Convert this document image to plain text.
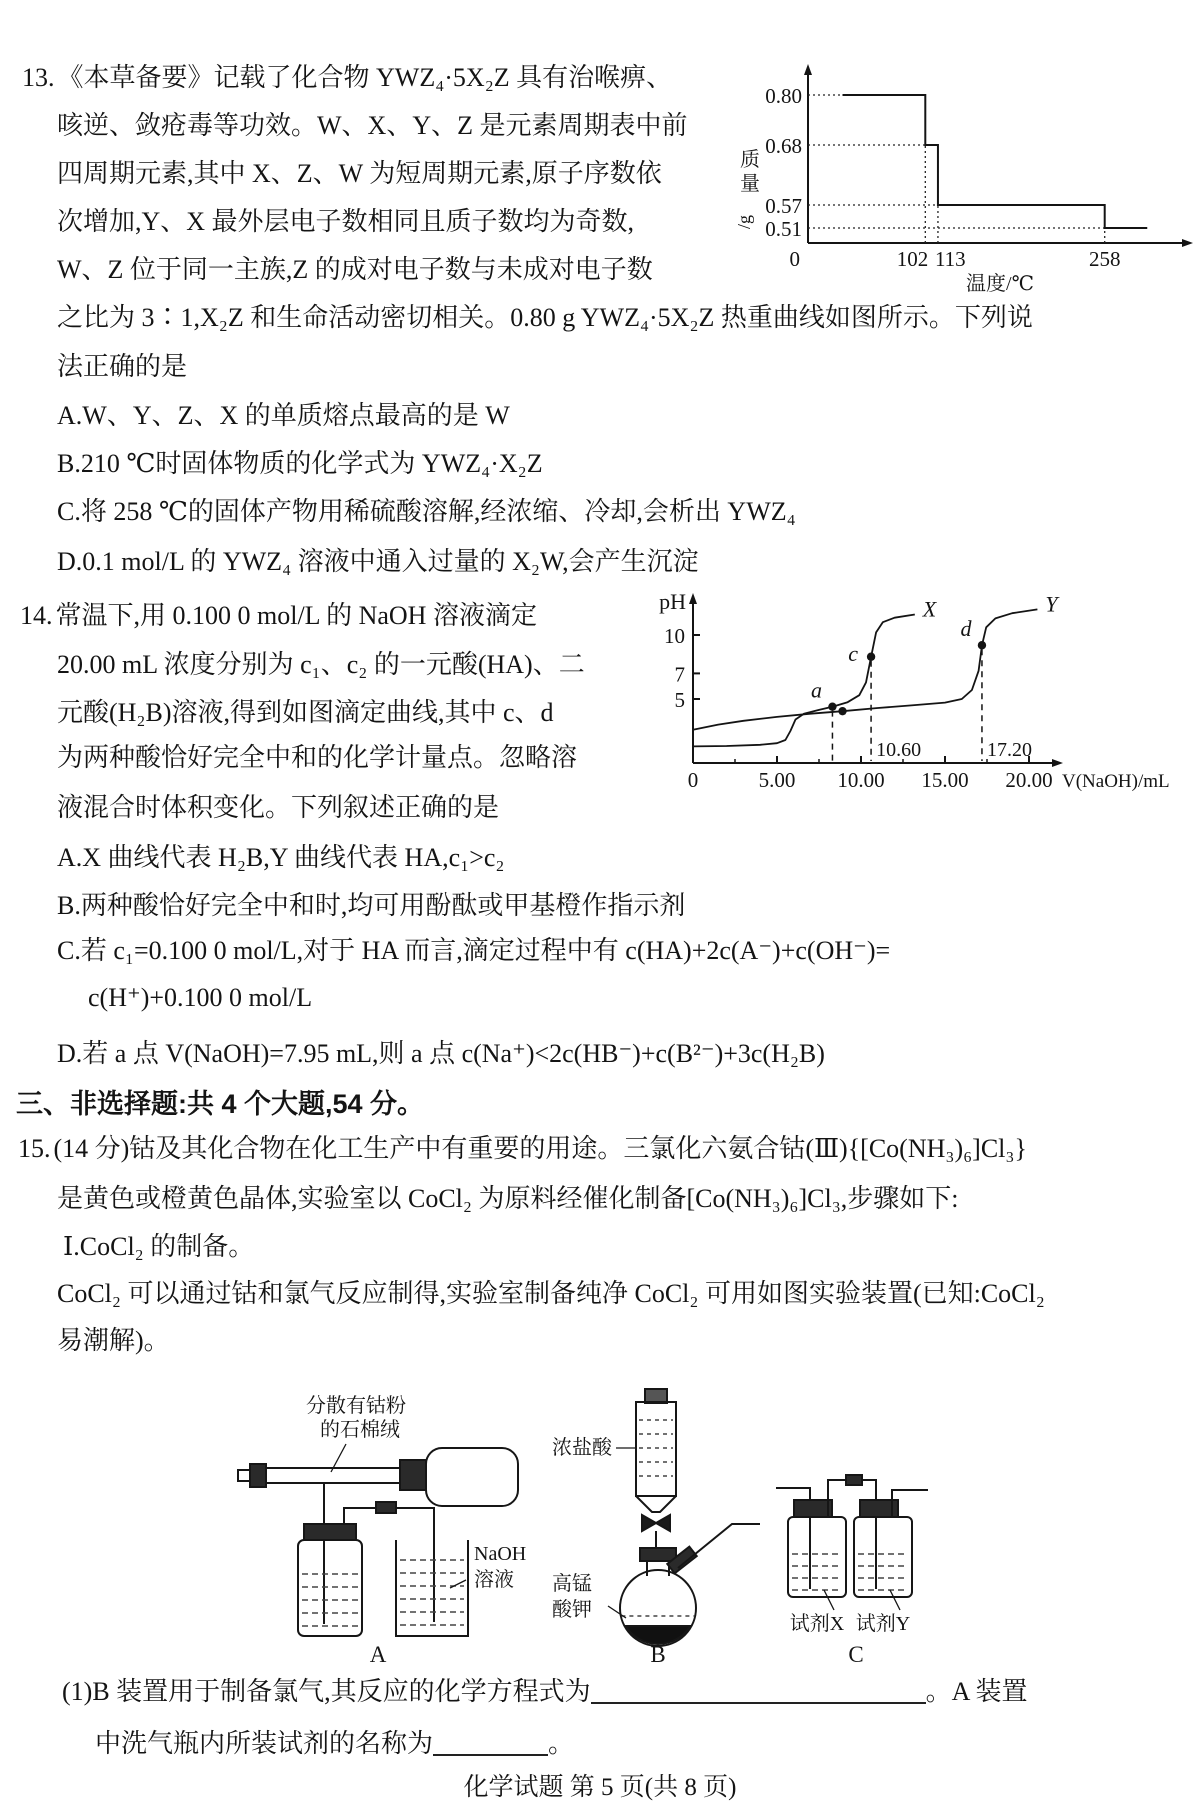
13. 《本草备要》记载了化合物 YWZ₄·5X₂Z 具有治喉痹、
咳逆、敛疮毒等功效。W、X、Y、Z 是元素周期表中前
四周期元素,其中 X、Z、W 为短周期元素,原子序数依
次增加,Y、X 最外层电子数相同且质子数均为奇数,
W、Z 位于同一主族,Z 的成对电子数与未成对电子数
之比为 3∶1,X₂Z 和生命活动密切相关。0.80 g YWZ₄·5X₂Z 热重曲线如图所示。下列说
法正确的是
A.W、Y、Z、X 的单质熔点最高的是 W
B.210 ℃时固体物质的化学式为 YWZ₄·X₂Z
C.将 258 ℃的固体产物用稀硫酸溶解,经浓缩、冷却,会析出 YWZ₄
D.0.1 mol/L 的 YWZ₄ 溶液中通入过量的 X₂W,会产生沉淀
0.80
0.68
0.57
0.51
0	102 113	258
质
量
/g
温度/℃
14. 常温下,用 0.100 0 mol/L 的 NaOH 溶液滴定
20.00 mL 浓度分别为 c₁、c₂ 的一元酸(HA)、二
元酸(H₂B)溶液,得到如图滴定曲线,其中 c、d
为两种酸恰好完全中和的化学计量点。忽略溶
液混合时体积变化。下列叙述正确的是
A.X 曲线代表 H₂B,Y 曲线代表 HA,c₁>c₂
B.两种酸恰好完全中和时,均可用酚酞或甲基橙作指示剂
C.若 c₁=0.100 0 mol/L,对于 HA 而言,滴定过程中有 c(HA)+2c(A⁻)+c(OH⁻)=
c(H⁺)+0.100 0 mol/L
D.若 a 点 V(NaOH)=7.95 mL,则 a 点 c(Na⁺)<2c(HB⁻)+c(B²⁻)+3c(H₂B)
pH
5
7
10
0	5.00 10.00 15.00 20.00 V(NaOH)/mL
10.60	17.20
X	Y
a
c
d
三、非选择题:共 4 个大题,54 分。
15. (14 分)钴及其化合物在化工生产中有重要的用途。三氯化六氨合钴(Ⅲ){[Co(NH₃)₆]Cl₃}
是黄色或橙黄色晶体,实验室以 CoCl₂ 为原料经催化制备[Co(NH₃)₆]Cl₃,步骤如下:
Ⅰ.CoCl₂ 的制备。
CoCl₂ 可以通过钴和氯气反应制得,实验室制备纯净 CoCl₂ 可用如图实验装置(已知:CoCl₂
易潮解)。
分散有钴粉
的石棉绒
NaOH
溶液
A
浓盐酸
高锰
酸钾
B
试剂X 试剂Y
C
(1)B 装置用于制备氯气,其反应的化学方程式为	。A 装置
中洗气瓶内所装试剂的名称为	。
化学试题 第 5 页(共 8 页)
